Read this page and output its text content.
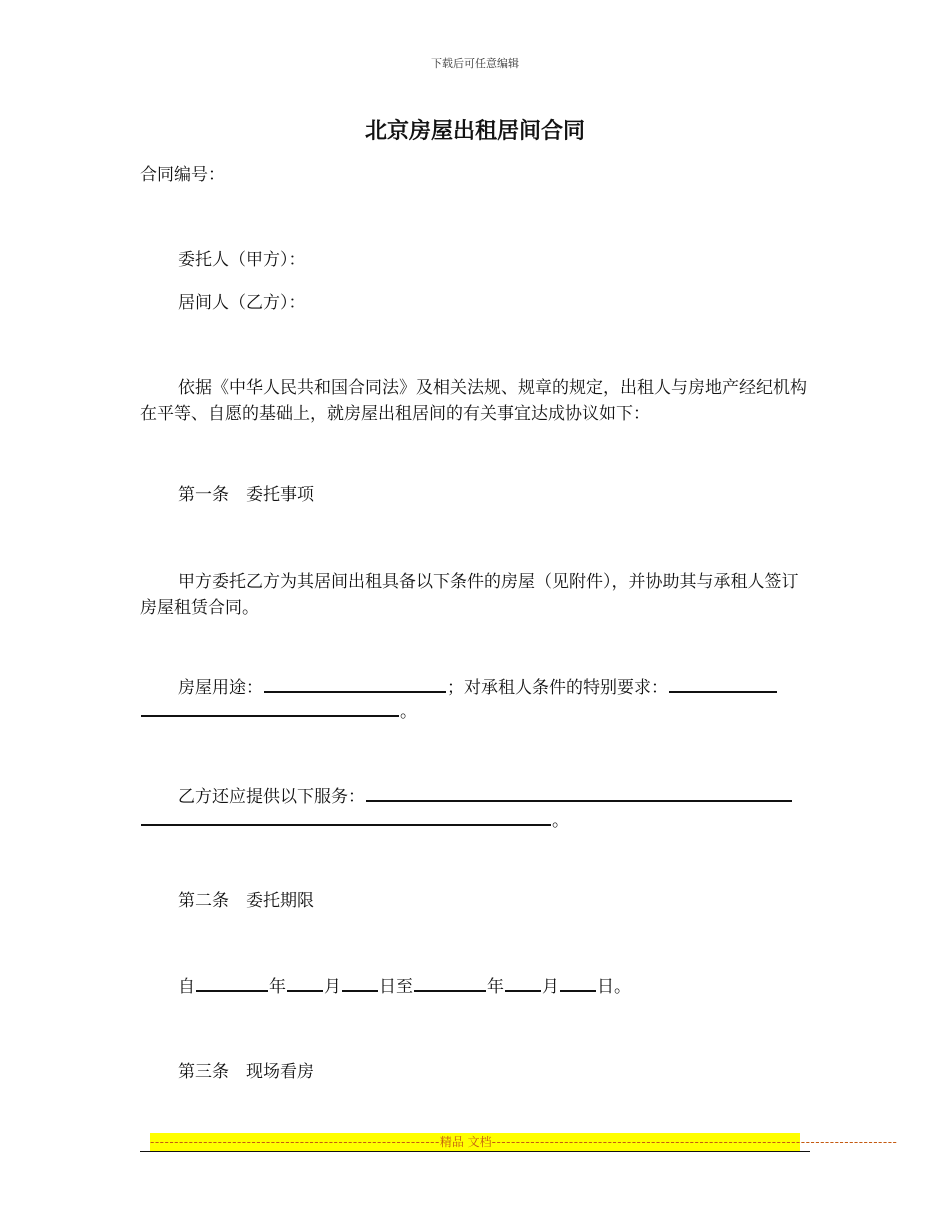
下载后可任意编辑
北京房屋出租居间合同
合同编号：
委托人（甲方）：
居间人（乙方）：
依据《中华人民共和国合同法》及相关法规、规章的规定，出租人与房地产经纪机构在平等、自愿的基础上，就房屋出租居间的有关事宜达成协议如下：
第一条　委托事项
甲方委托乙方为其居间出租具备以下条件的房屋（见附件），并协助其与承租人签订房屋租赁合同。
房屋用途：	；对承租人条件的特别要求：
。
乙方还应提供以下服务：
。
第二条　委托期限
自	年 月 日至	年 月 日。
第三条　现场看房
------------------------------------------------------------精品 文档------------------------------------------------------------------------------------
